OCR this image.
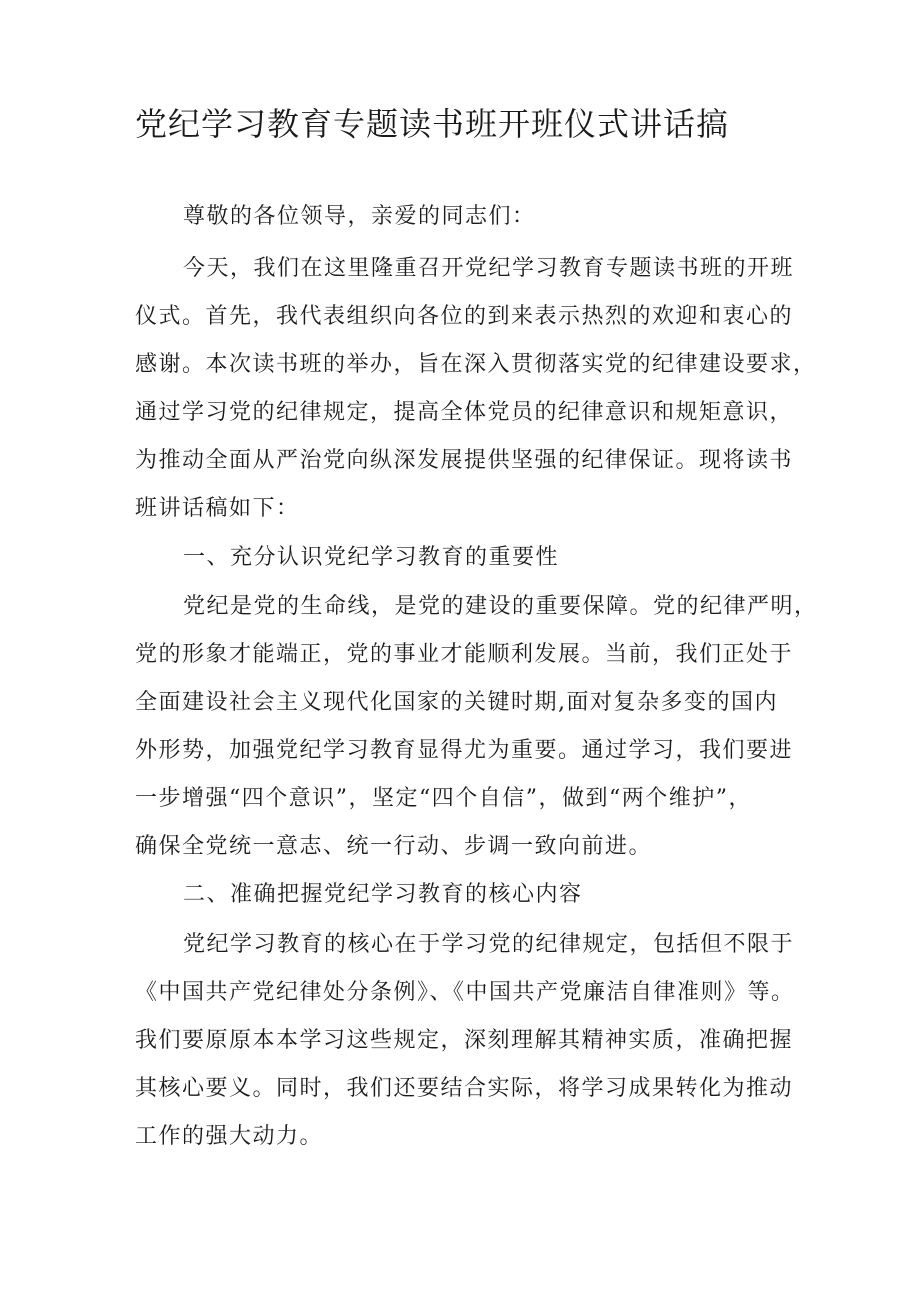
党纪学习教育专题读书班开班仪式讲话搞

尊敬的各位领导，亲爱的同志们：

今天，我们在这里隆重召开党纪学习教育专题读书班的开班

仪式。首先，我代表组织向各位的到来表示热烈的欢迎和衷心的

感谢。本次读书班的举办，旨在深入贯彻落实党的纪律建设要求，

通过学习党的纪律规定，提高全体党员的纪律意识和规矩意识，

为推动全面从严治党向纵深发展提供坚强的纪律保证。现将读书

班讲话稿如下：

一、充分认识党纪学习教育的重要性

党纪是党的生命线，是党的建设的重要保障。党的纪律严明，

党的形象才能端正，党的事业才能顺利发展。当前，我们正处于

全面建设社会主义现代化国家的关键时期,面对复杂多变的国内

外形势，加强党纪学习教育显得尤为重要。通过学习，我们要进

一步增强“四个意识”，坚定“四个自信”，做到“两个维护”，

确保全党统一意志、统一行动、步调一致向前进。

二、准确把握党纪学习教育的核心内容

党纪学习教育的核心在于学习党的纪律规定，包括但不限于

《中国共产党纪律处分条例》、《中国共产党廉洁自律准则》等。

我们要原原本本学习这些规定，深刻理解其精神实质，准确把握

其核心要义。同时，我们还要结合实际，将学习成果转化为推动

工作的强大动力。
